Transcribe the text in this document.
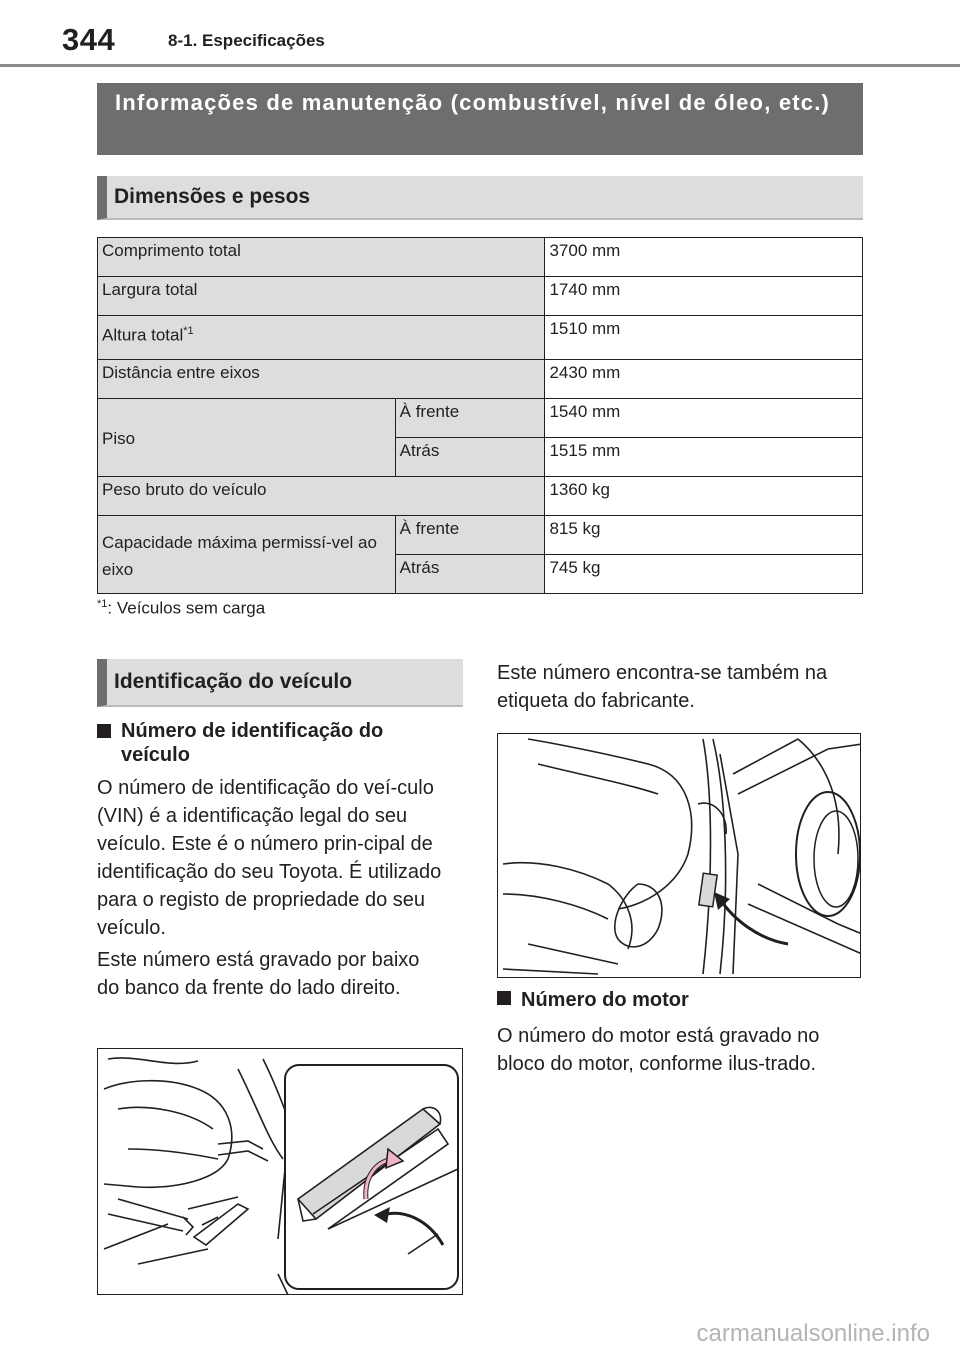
344	8-1. Especificações
Informações de manutenção (combustível, nível de óleo, etc.)
Dimensões e pesos
Comprimento total		3700 mm
Largura total		1740 mm
Altura total$^{*1}$		1510 mm
Distância entre eixos		2430 mm
Piso	À frente	1540 mm
	Atrás	1515 mm
Peso bruto do veículo		1360 kg
Capacidade máxima permissí-vel ao eixo	À frente	815 kg
	Atrás	745 kg
$^{*1}$: Veículos sem carga
Identificação do veículo
Número de identificação do veículo
O número de identificação do veí-culo (VIN) é a identificação legal do seu veículo. Este é o número prin-cipal de identificação do seu Toyota. É utilizado para o registo de propriedade do seu veículo.
Este número está gravado por baixo do banco da frente do lado direito.
Este número encontra-se também na etiqueta do fabricante.
Número do motor
O número do motor está gravado no bloco do motor, conforme ilus-trado.
carmanualsonline.info
